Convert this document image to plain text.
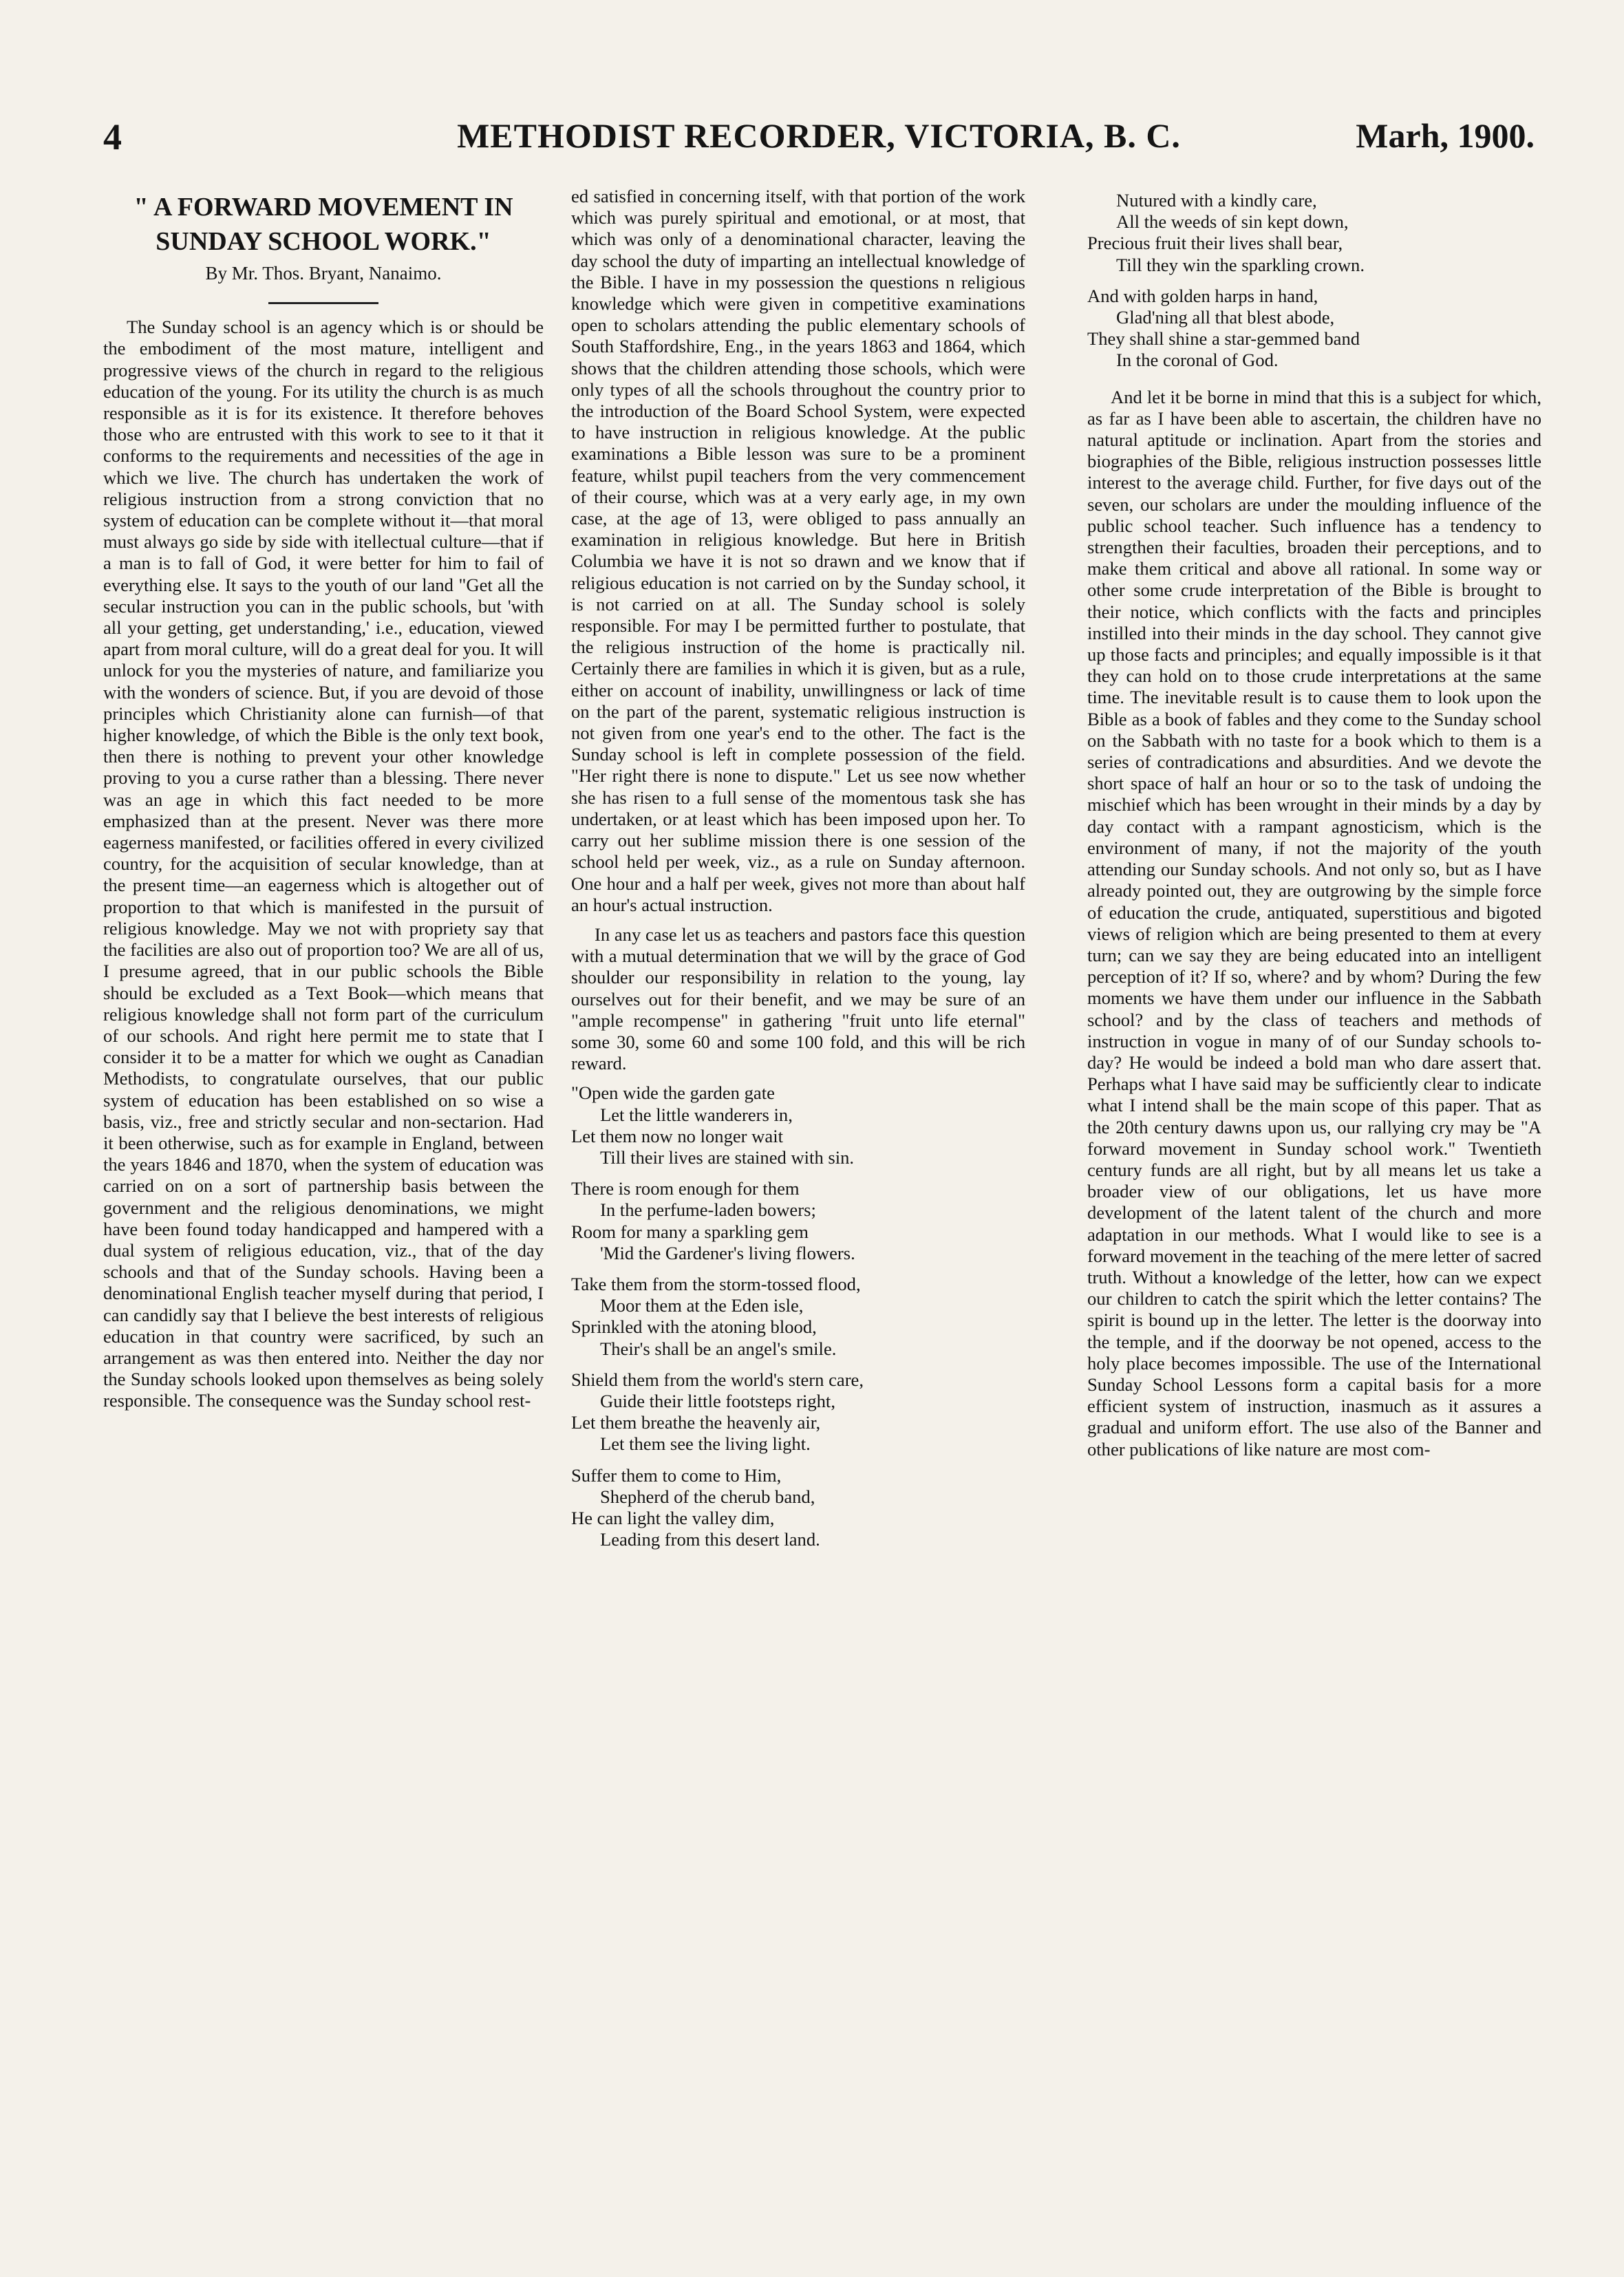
4	METHODIST RECORDER, VICTORIA, B. C.	Marh, 1900.
" A FORWARD MOVEMENT IN
SUNDAY SCHOOL WORK."
By Mr. Thos. Bryant, Nanaimo.

The Sunday school is an agency which is or should be the embodiment of the most mature, intelligent and progressive views of the church in regard to the religious education of the young. For its utility the church is as much responsible as it is for its existence. It therefore behoves those who are entrusted with this work to see to it that it conforms to the requirements and necessities of the age in which we live. The church has undertaken the work of religious instruction from a strong conviction that no system of education can be complete without it—that moral must always go side by side with itellectual culture—that if a man is to fall of God, it were better for him to fail of everything else. It says to the youth of our land "Get all the secular instruction you can in the public schools, but 'with all your getting, get understanding,' i.e., education, viewed apart from moral culture, will do a great deal for you. It will unlock for you the mysteries of nature, and familiarize you with the wonders of science. But, if you are devoid of those principles which Christianity alone can furnish—of that higher knowledge, of which the Bible is the only text book, then there is nothing to prevent your other knowledge proving to you a curse rather than a blessing. There never was an age in which this fact needed to be more emphasized than at the present. Never was there more eagerness manifested, or facilities offered in every civilized country, for the acquisition of secular knowledge, than at the present time—an eagerness which is altogether out of proportion to that which is manifested in the pursuit of religious knowledge. May we not with propriety say that the facilities are also out of proportion too? We are all of us, I presume agreed, that in our public schools the Bible should be excluded as a Text Book—which means that religious knowledge shall not form part of the curriculum of our schools. And right here permit me to state that I consider it to be a matter for which we ought as Canadian Methodists, to congratulate ourselves, that our public system of education has been established on so wise a basis, viz., free and strictly secular and non-sectarion. Had it been otherwise, such as for example in England, between the years 1846 and 1870, when the system of education was carried on on a sort of partnership basis between the government and the religious denominations, we might have been found today handicapped and hampered with a dual system of religious education, viz., that of the day schools and that of the Sunday schools. Having been a denominational English teacher myself during that period, I can candidly say that I believe the best interests of religious education in that country were sacrificed, by such an arrangement as was then entered into. Neither the day nor the Sunday schools looked upon themselves as being solely responsible. The consequence was the Sunday school rest-

ed satisfied in concerning itself, with that portion of the work which was purely spiritual and emotional, or at most, that which was only of a denominational character, leaving the day school the duty of imparting an intellectual knowledge of the Bible. I have in my possession the questions n religious knowledge which were given in competitive examinations open to scholars attending the public elementary schools of South Staffordshire, Eng., in the years 1863 and 1864, which shows that the children attending those schools, which were only types of all the schools throughout the country prior to the introduction of the Board School System, were expected to have instruction in religious knowledge. At the public examinations a Bible lesson was sure to be a prominent feature, whilst pupil teachers from the very commencement of their course, which was at a very early age, in my own case, at the age of 13, were obliged to pass annually an examination in religious knowledge. But here in British Columbia we have it is not so drawn and we know that if religious education is not carried on by the Sunday school, it is not carried on at all. The Sunday school is solely responsible. For may I be permitted further to postulate, that the religious instruction of the home is practically nil. Certainly there are families in which it is given, but as a rule, either on account of inability, unwillingness or lack of time on the part of the parent, systematic religious instruction is not given from one year's end to the other. The fact is the Sunday school is left in complete possession of the field. "Her right there is none to dispute." Let us see now whether she has risen to a full sense of the momentous task she has undertaken, or at least which has been imposed upon her. To carry out her sublime mission there is one session of the school held per week, viz., as a rule on Sunday afternoon. One hour and a half per week, gives not more than about half an hour's actual instruction.

In any case let us as teachers and pastors face this question with a mutual determination that we will by the grace of God shoulder our responsibility in relation to the young, lay ourselves out for their benefit, and we may be sure of an "ample recompense" in gathering "fruit unto life eternal" some 30, some 60 and some 100 fold, and this will be rich reward.

"Open wide the garden gate
Let the little wanderers in,
Let them now no longer wait
Till their lives are stained with sin.
There is room enough for them
In the perfume-laden bowers;
Room for many a sparkling gem
'Mid the Gardener's living flowers.
Take them from the storm-tossed flood,
Moor them at the Eden isle,
Sprinkled with the atoning blood,
Their's shall be an angel's smile.
Shield them from the world's stern care,
Guide their little footsteps right,
Let them breathe the heavenly air,
Let them see the living light.
Suffer them to come to Him,
Shepherd of the cherub band,
He can light the valley dim,
Leading from this desert land.
Nutured with a kindly care,
All the weeds of sin kept down,
Precious fruit their lives shall bear,
Till they win the sparkling crown.
And with golden harps in hand,
Glad'ning all that blest abode,
They shall shine a star-gemmed band
In the coronal of God.

And let it be borne in mind that this is a subject for which, as far as I have been able to ascertain, the children have no natural aptitude or inclination. Apart from the stories and biographies of the Bible, religious instruction possesses little interest to the average child. Further, for five days out of the seven, our scholars are under the moulding influence of the public school teacher. Such influence has a tendency to strengthen their faculties, broaden their perceptions, and to make them critical and above all rational. In some way or other some crude interpretation of the Bible is brought to their notice, which conflicts with the facts and principles instilled into their minds in the day school. They cannot give up those facts and principles; and equally impossible is it that they can hold on to those crude interpretations at the same time. The inevitable result is to cause them to look upon the Bible as a book of fables and they come to the Sunday school on the Sabbath with no taste for a book which to them is a series of contradications and absurdities. And we devote the short space of half an hour or so to the task of undoing the mischief which has been wrought in their minds by a day by day contact with a rampant agnosticism, which is the environment of many, if not the majority of the youth attending our Sunday schools. And not only so, but as I have already pointed out, they are outgrowing by the simple force of education the crude, antiquated, superstitious and bigoted views of religion which are being presented to them at every turn; can we say they are being educated into an intelligent perception of it? If so, where? and by whom? During the few moments we have them under our influence in the Sabbath school? and by the class of teachers and methods of instruction in vogue in many of of our Sunday schools to-day? He would be indeed a bold man who dare assert that. Perhaps what I have said may be sufficiently clear to indicate what I intend shall be the main scope of this paper. That as the 20th century dawns upon us, our rallying cry may be "A forward movement in Sunday school work." Twentieth century funds are all right, but by all means let us take a broader view of our obligations, let us have more development of the latent talent of the church and more adaptation in our methods. What I would like to see is a forward movement in the teaching of the mere letter of sacred truth. Without a knowledge of the letter, how can we expect our children to catch the spirit which the letter contains? The spirit is bound up in the letter. The letter is the doorway into the temple, and if the doorway be not opened, access to the holy place becomes impossible. The use of the International Sunday School Lessons form a capital basis for a more efficient system of instruction, inasmuch as it assures a gradual and uniform effort. The use also of the Banner and other publications of like nature are most com-
